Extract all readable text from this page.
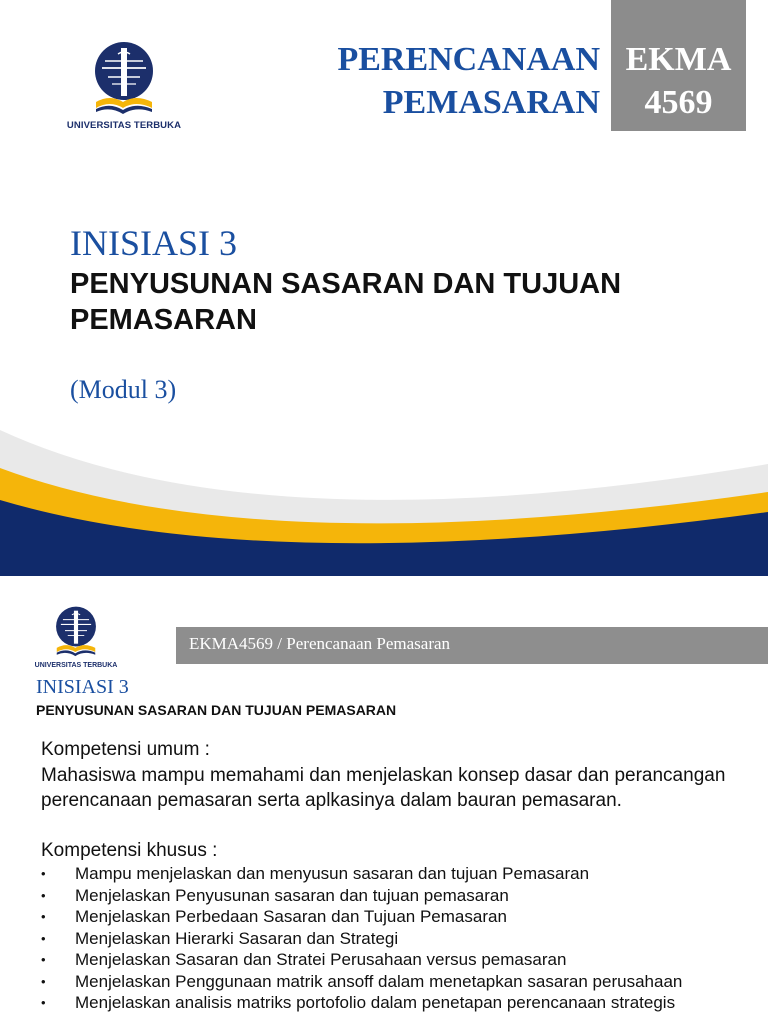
UNIVERSITAS TERBUKA
PERENCANAAN
PEMASARAN
EKMA
4569
INISIASI 3
PENYUSUNAN SASARAN DAN TUJUAN
PEMASARAN
(Modul 3)
UNIVERSITAS TERBUKA
EKMA4569 / Perencanaan Pemasaran
INISIASI 3
PENYUSUNAN SASARAN DAN TUJUAN PEMASARAN

Kompetensi umum :

Mahasiswa mampu memahami dan menjelaskan konsep dasar dan perancangan perencanaan pemasaran serta aplkasinya dalam bauran pemasaran.

Kompetensi khusus :

• Mampu menjelaskan dan menyusun sasaran dan tujuan Pemasaran
• Menjelaskan Penyusunan sasaran dan tujuan pemasaran
• Menjelaskan Perbedaan Sasaran dan Tujuan Pemasaran
• Menjelaskan Hierarki Sasaran dan Strategi
• Menjelaskan Sasaran dan Stratei Perusahaan versus pemasaran
• Menjelaskan Penggunaan matrik ansoff dalam menetapkan sasaran perusahaan
• Menjelaskan analisis matriks portofolio dalam penetapan perencanaan strategis
